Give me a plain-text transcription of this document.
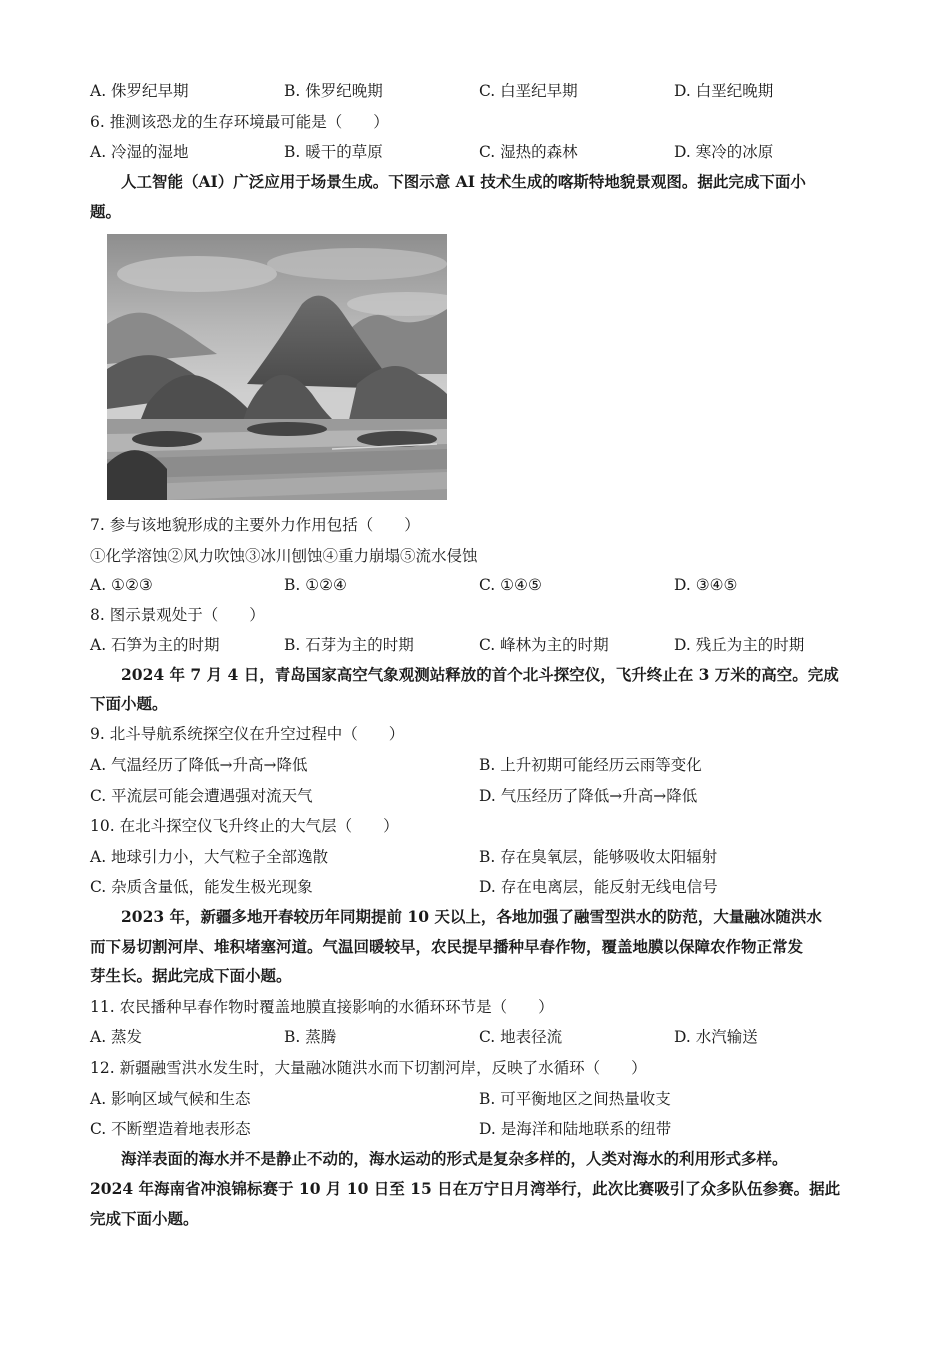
A. 侏罗纪早期	B. 侏罗纪晚期	C. 白垩纪早期	D. 白垩纪晚期
6. 推测该恐龙的生存环境最可能是（　　）
A. 冷湿的湿地	B. 暖干的草原	C. 湿热的森林	D. 寒冷的冰原
人工智能（AI）广泛应用于场景生成。下图示意 AI 技术生成的喀斯特地貌景观图。据此完成下面小
题。
7. 参与该地貌形成的主要外力作用包括（　　）
①化学溶蚀②风力吹蚀③冰川刨蚀④重力崩塌⑤流水侵蚀
A. ①②③	B. ①②④	C. ①④⑤	D. ③④⑤
8. 图示景观处于（　　）
A. 石笋为主的时期	B. 石芽为主的时期	C. 峰林为主的时期	D. 残丘为主的时期
2024 年 7 月 4 日，青岛国家高空气象观测站释放的首个北斗探空仪，飞升终止在 3 万米的高空。完成
下面小题。
9. 北斗导航系统探空仪在升空过程中（　　）
A. 气温经历了降低→升高→降低	B. 上升初期可能经历云雨等变化
C. 平流层可能会遭遇强对流天气	D. 气压经历了降低→升高→降低
10. 在北斗探空仪飞升终止的大气层（　　）
A. 地球引力小，大气粒子全部逸散	B. 存在臭氧层，能够吸收太阳辐射
C. 杂质含量低，能发生极光现象	D. 存在电离层，能反射无线电信号
2023 年，新疆多地开春较历年同期提前 10 天以上，各地加强了融雪型洪水的防范，大量融冰随洪水
而下易切割河岸、堆积堵塞河道。气温回暖较早，农民提早播种早春作物，覆盖地膜以保障农作物正常发
芽生长。据此完成下面小题。
11. 农民播种早春作物时覆盖地膜直接影响的水循环环节是（　　）
A. 蒸发	B. 蒸腾	C. 地表径流	D. 水汽输送
12. 新疆融雪洪水发生时，大量融冰随洪水而下切割河岸，反映了水循环（　　）
A. 影响区域气候和生态	B. 可平衡地区之间热量收支
C. 不断塑造着地表形态	D. 是海洋和陆地联系的纽带
海洋表面的海水并不是静止不动的，海水运动的形式是复杂多样的，人类对海水的利用形式多样。
2024 年海南省冲浪锦标赛于 10 月 10 日至 15 日在万宁日月湾举行，此次比赛吸引了众多队伍参赛。据此
完成下面小题。
